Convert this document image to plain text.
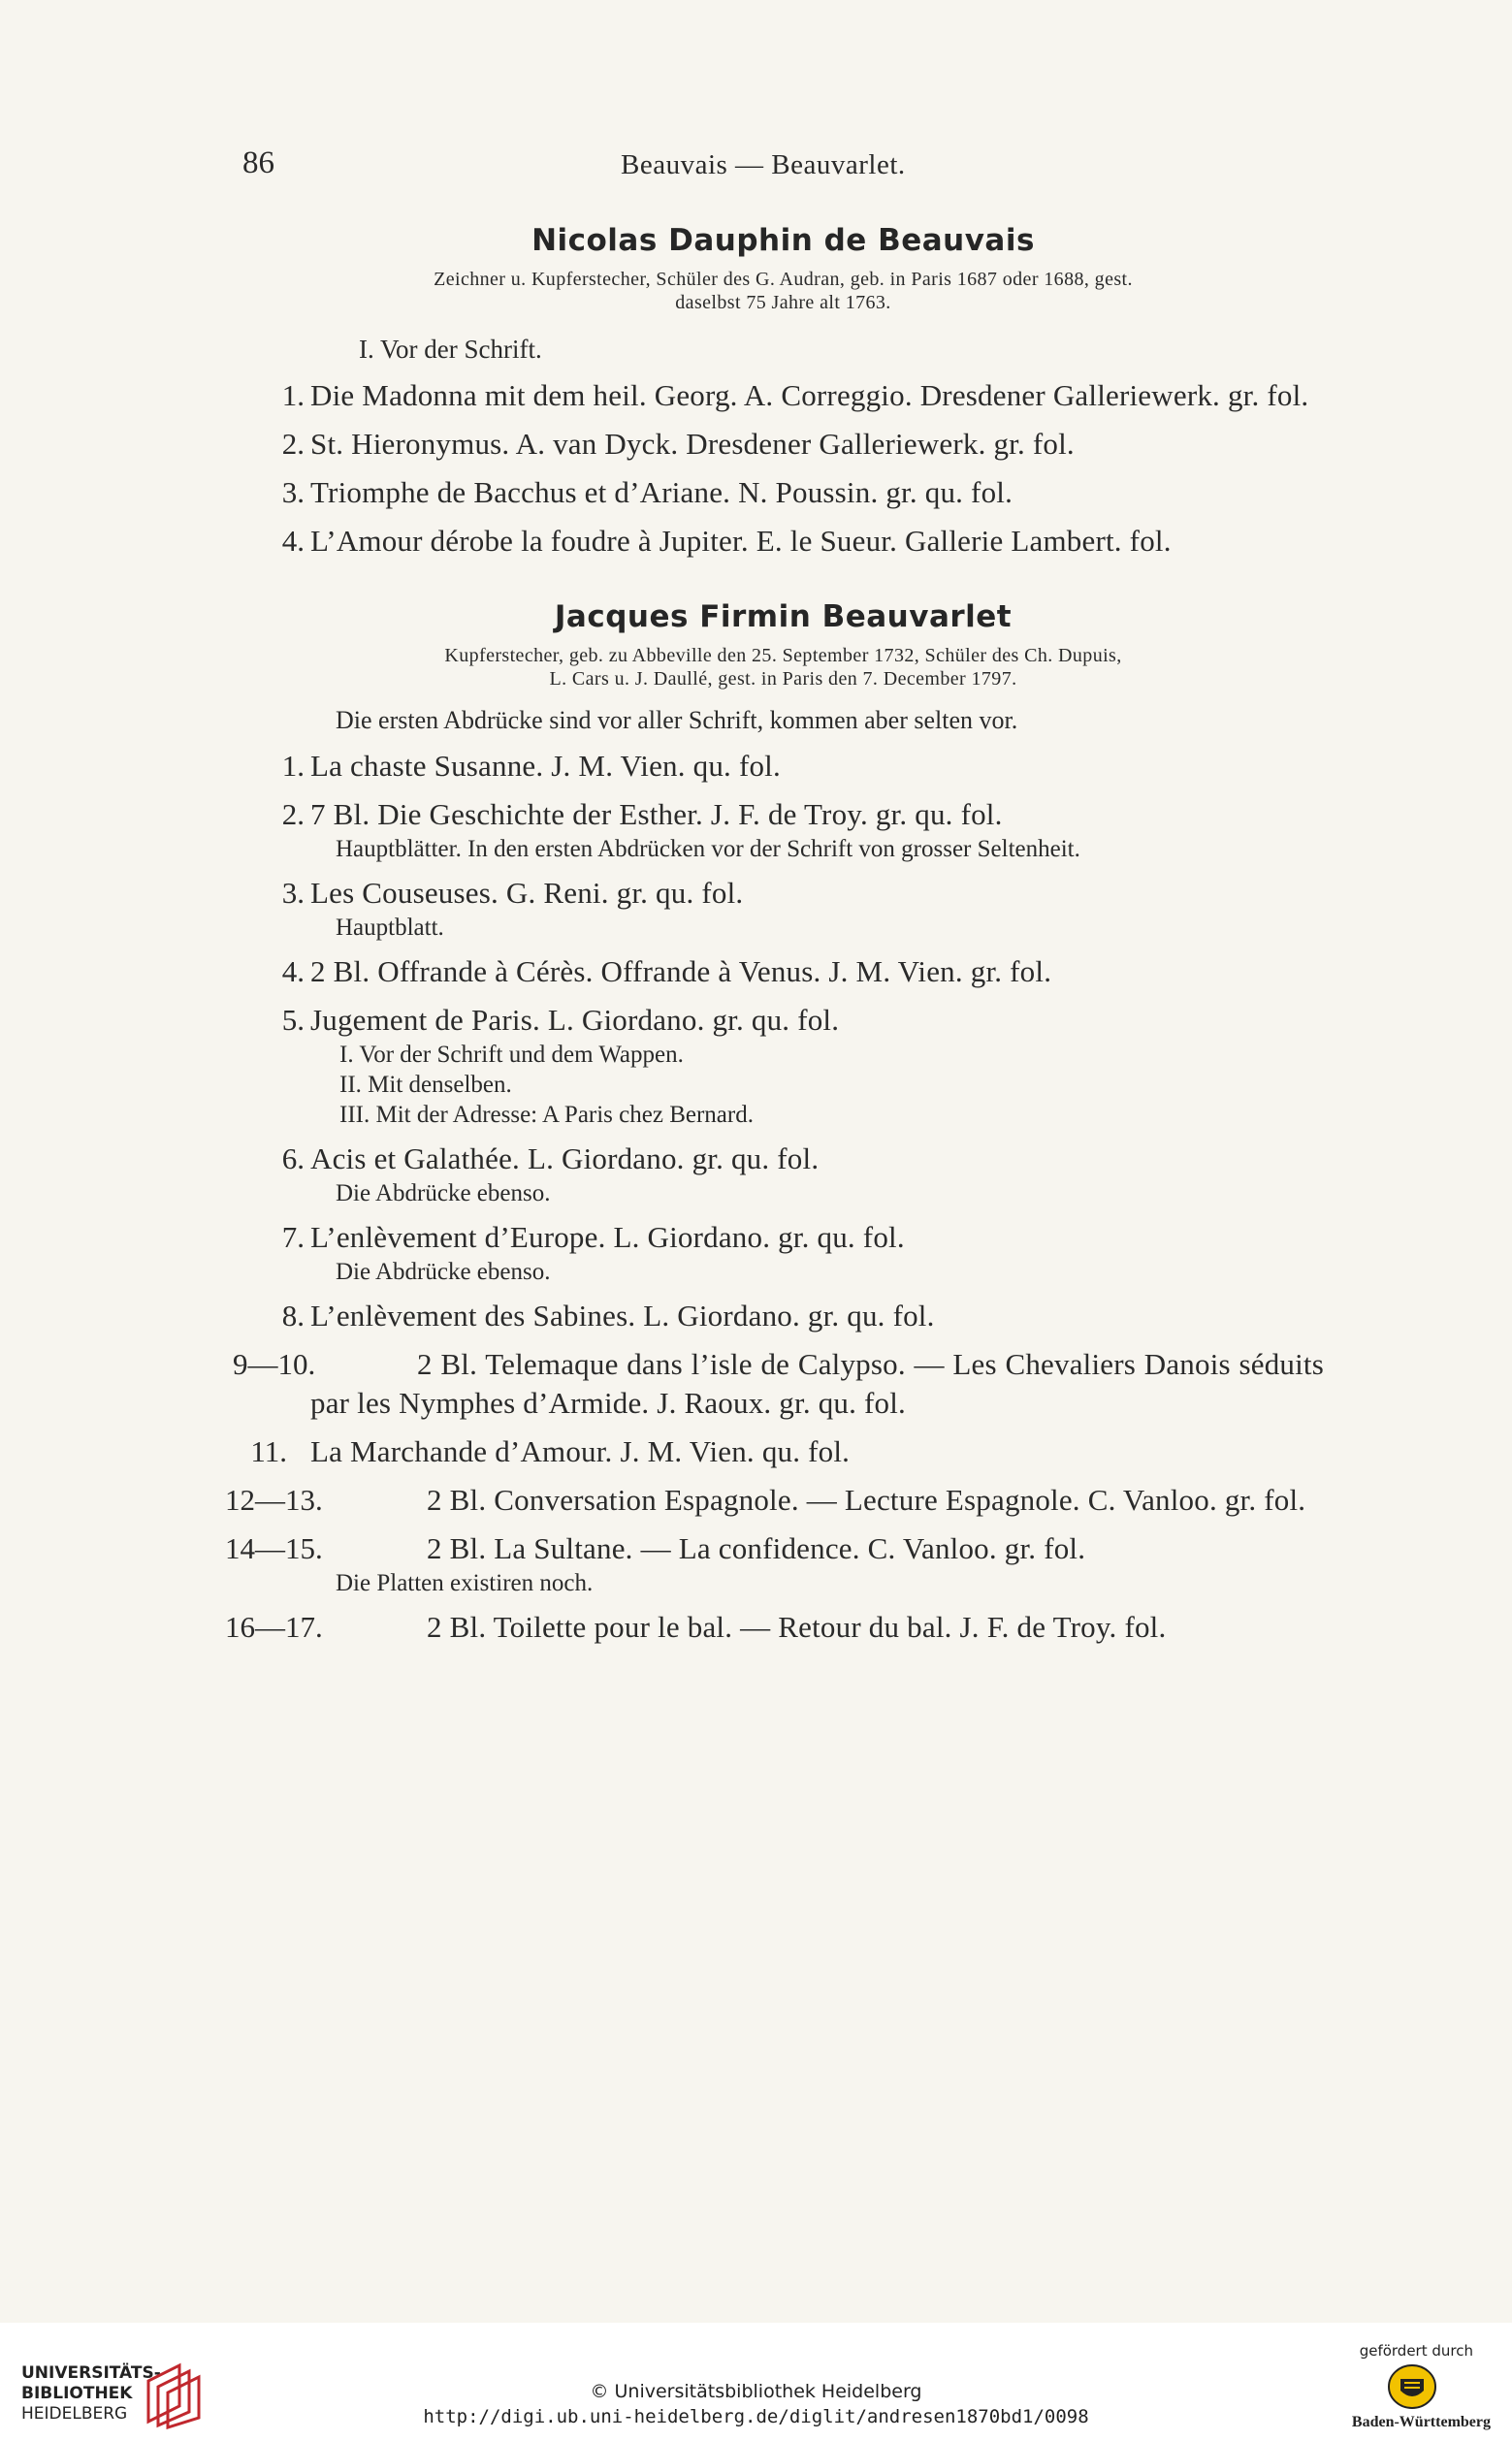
86	Beauvais — Beauvarlet.
Nicolas Dauphin de Beauvais

Zeichner u. Kupferstecher, Schüler des G. Audran, geb. in Paris 1687 oder 1688, gest.

daselbst 75 Jahre alt 1763.

I. Vor der Schrift.

1. Die Madonna mit dem heil. Georg. A. Correggio. Dresdener Galleriewerk. gr. fol.
2. St. Hieronymus. A. van Dyck. Dresdener Galleriewerk. gr. fol.
3. Triomphe de Bacchus et d’Ariane. N. Poussin. gr. qu. fol.
4. L’Amour dérobe la foudre à Jupiter. E. le Sueur. Gallerie Lambert. fol.
Jacques Firmin Beauvarlet

Kupferstecher, geb. zu Abbeville den 25. September 1732, Schüler des Ch. Dupuis,

L. Cars u. J. Daullé, gest. in Paris den 7. December 1797.

Die ersten Abdrücke sind vor aller Schrift, kommen aber selten vor.

1. La chaste Susanne. J. M. Vien. qu. fol.
2. 7 Bl. Die Geschichte der Esther. J. F. de Troy. gr. qu. fol.
Hauptblätter. In den ersten Abdrücken vor der Schrift von grosser Seltenheit.
3. Les Couseuses. G. Reni. gr. qu. fol.
Hauptblatt.
4. 2 Bl. Offrande à Cérès. Offrande à Venus. J. M. Vien. gr. fol.
5. Jugement de Paris. L. Giordano. gr. qu. fol.
I. Vor der Schrift und dem Wappen.
II. Mit denselben.
III. Mit der Adresse: A Paris chez Bernard.
6. Acis et Galathée. L. Giordano. gr. qu. fol.
Die Abdrücke ebenso.
7. L’enlèvement d’Europe. L. Giordano. gr. qu. fol.
Die Abdrücke ebenso.
8. L’enlèvement des Sabines. L. Giordano. gr. qu. fol.
9—10.	2 Bl. Telemaque dans l’isle de Calypso. — Les Chevaliers Danois séduits par les Nymphes d’Armide. J. Raoux. gr. qu. fol.
11. La Marchande d’Amour. J. M. Vien. qu. fol.
12—13.	2 Bl. Conversation Espagnole. — Lecture Espagnole. C. Vanloo. gr. fol.
14—15.	2 Bl. La Sultane. — La confidence. C. Vanloo. gr. fol.
Die Platten existiren noch.
16—17.	2 Bl. Toilette pour le bal. — Retour du bal. J. F. de Troy. fol.
UNIVERSITÄTS-
BIBLIOTHEK
HEIDELBERG
© Universitätsbibliothek Heidelberg
http://digi.ub.uni-heidelberg.de/diglit/andresen1870bd1/0098
gefördert durch
Baden-Württemberg
